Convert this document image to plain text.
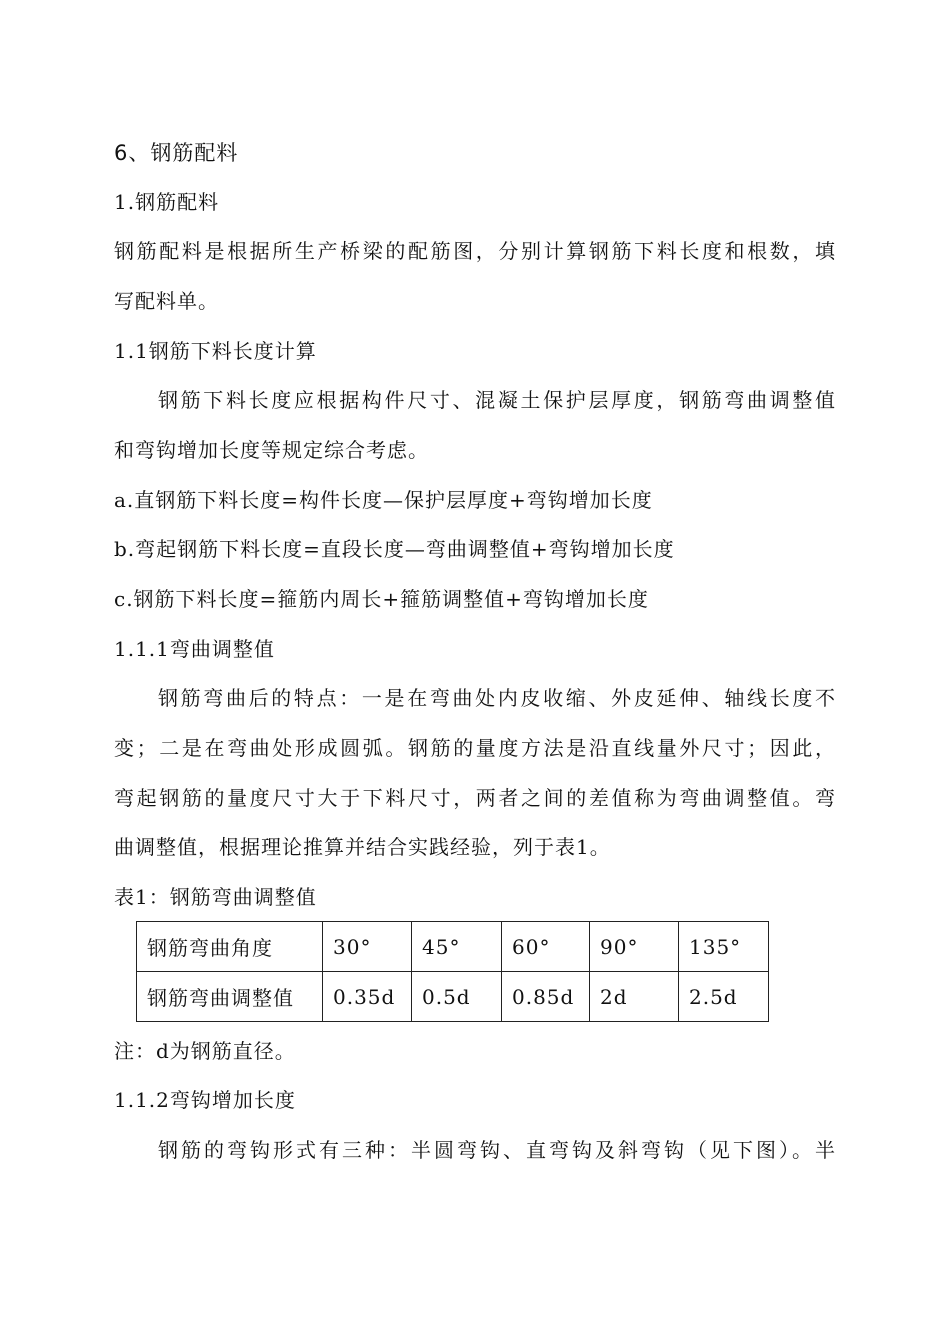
6、钢筋配料
1.钢筋配料
钢筋配料是根据所生产桥梁的配筋图，分别计算钢筋下料长度和根数，填
写配料单。
1.1钢筋下料长度计算
钢筋下料长度应根据构件尺寸、混凝土保护层厚度，钢筋弯曲调整值
和弯钩增加长度等规定综合考虑。
a.直钢筋下料长度=构件长度—保护层厚度+弯钩增加长度
b.弯起钢筋下料长度=直段长度—弯曲调整值+弯钩增加长度
c.钢筋下料长度=箍筋内周长+箍筋调整值+弯钩增加长度
1.1.1弯曲调整值
钢筋弯曲后的特点：一是在弯曲处内皮收缩、外皮延伸、轴线长度不
变；二是在弯曲处形成圆弧。钢筋的量度方法是沿直线量外尺寸；因此，
弯起钢筋的量度尺寸大于下料尺寸，两者之间的差值称为弯曲调整值。弯
曲调整值，根据理论推算并结合实践经验，列于表1。
表1：钢筋弯曲调整值
钢筋弯曲角度	30°	45°	60°	90°	135°
钢筋弯曲调整值	0.35d	0.5d	0.85d	2d	2.5d
注：d为钢筋直径。
1.1.2弯钩增加长度
钢筋的弯钩形式有三种：半圆弯钩、直弯钩及斜弯钩（见下图）。半
